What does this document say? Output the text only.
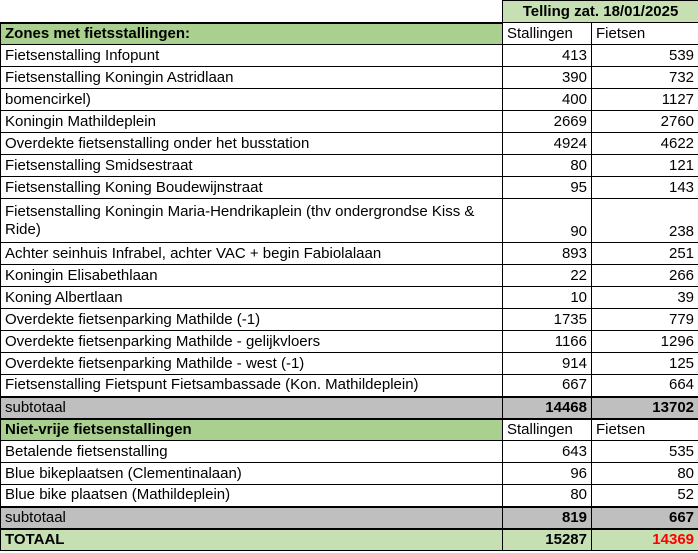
	Telling zat. 18/01/2025	
Zones met fietsstallingen:	Stallingen	Fietsen
Fietsenstalling Infopunt	413	539
Fietsenstalling Koningin Astridlaan	390	732
bomencirkel)	400	1127
Koningin Mathildeplein	2669	2760
Overdekte fietsenstalling onder het busstation	4924	4622
Fietsenstalling Smidsestraat	80	121
Fietsenstalling Koning Boudewijnstraat	95	143
Fietsenstalling Koningin Maria-Hendrikaplein (thv ondergrondse Kiss & Ride)	90	238
Achter seinhuis Infrabel, achter VAC + begin Fabiolalaan	893	251
Koningin Elisabethlaan	22	266
Koning Albertlaan	10	39
Overdekte fietsenparking Mathilde (-1)	1735	779
Overdekte fietsenparking Mathilde - gelijkvloers	1166	1296
Overdekte fietsenparking Mathilde - west (-1)	914	125
Fietsenstalling Fietspunt Fietsambassade (Kon. Mathildeplein)	667	664
subtotaal	14468	13702
Niet-vrije fietsenstallingen	Stallingen	Fietsen
Betalende fietsenstalling	643	535
Blue bikeplaatsen (Clementinalaan)	96	80
Blue bike plaatsen (Mathildeplein)	80	52
subtotaal	819	667
TOTAAL	15287	14369
